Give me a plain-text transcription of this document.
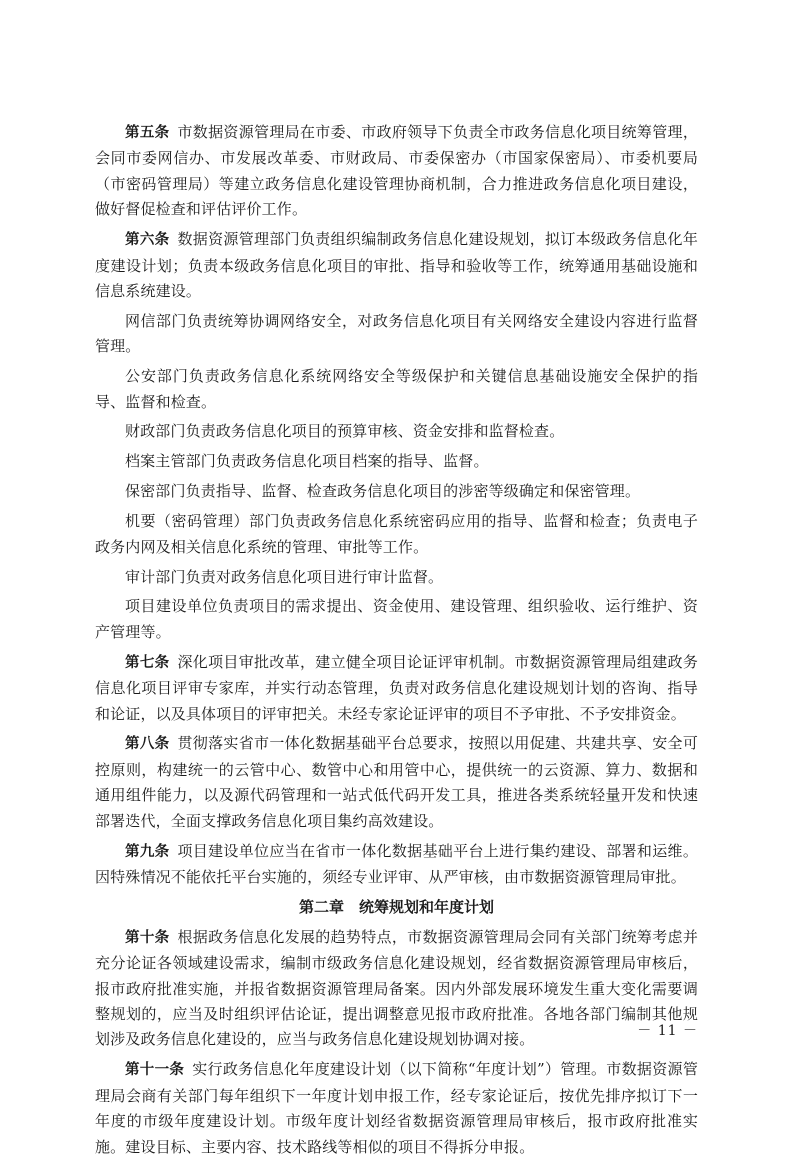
第五条 市数据资源管理局在市委、市政府领导下负责全市政务信息化项目统筹管理，会同市委网信办、市发展改革委、市财政局、市委保密办（市国家保密局）、市委机要局（市密码管理局）等建立政务信息化建设管理协商机制，合力推进政务信息化项目建设，做好督促检查和评估评价工作。

第六条 数据资源管理部门负责组织编制政务信息化建设规划，拟订本级政务信息化年度建设计划；负责本级政务信息化项目的审批、指导和验收等工作，统筹通用基础设施和信息系统建设。

网信部门负责统筹协调网络安全，对政务信息化项目有关网络安全建设内容进行监督管理。

公安部门负责政务信息化系统网络安全等级保护和关键信息基础设施安全保护的指导、监督和检查。

财政部门负责政务信息化项目的预算审核、资金安排和监督检查。

档案主管部门负责政务信息化项目档案的指导、监督。

保密部门负责指导、监督、检查政务信息化项目的涉密等级确定和保密管理。

机要（密码管理）部门负责政务信息化系统密码应用的指导、监督和检查；负责电子政务内网及相关信息化系统的管理、审批等工作。

审计部门负责对政务信息化项目进行审计监督。

项目建设单位负责项目的需求提出、资金使用、建设管理、组织验收、运行维护、资产管理等。

第七条 深化项目审批改革，建立健全项目论证评审机制。市数据资源管理局组建政务信息化项目评审专家库，并实行动态管理，负责对政务信息化建设规划计划的咨询、指导和论证，以及具体项目的评审把关。未经专家论证评审的项目不予审批、不予安排资金。

第八条 贯彻落实省市一体化数据基础平台总要求，按照以用促建、共建共享、安全可控原则，构建统一的云管中心、数管中心和用管中心，提供统一的云资源、算力、数据和通用组件能力，以及源代码管理和一站式低代码开发工具，推进各类系统轻量开发和快速部署迭代，全面支撑政务信息化项目集约高效建设。

第九条 项目建设单位应当在省市一体化数据基础平台上进行集约建设、部署和运维。因特殊情况不能依托平台实施的，须经专业评审、从严审核，由市数据资源管理局审批。

第二章　统筹规划和年度计划

第十条 根据政务信息化发展的趋势特点，市数据资源管理局会同有关部门统筹考虑并充分论证各领域建设需求，编制市级政务信息化建设规划，经省数据资源管理局审核后，报市政府批准实施，并报省数据资源管理局备案。因内外部发展环境发生重大变化需要调整规划的，应当及时组织评估论证，提出调整意见报市政府批准。各地各部门编制其他规划涉及政务信息化建设的，应当与政务信息化建设规划协调对接。

第十一条 实行政务信息化年度建设计划（以下简称“年度计划”）管理。市数据资源管理局会商有关部门每年组织下一年度计划申报工作，经专家论证后，按优先排序拟订下一年度的市级年度建设计划。市级年度计划经省数据资源管理局审核后，报市政府批准实施。建设目标、主要内容、技术路线等相似的项目不得拆分申报。

－ 11 －
